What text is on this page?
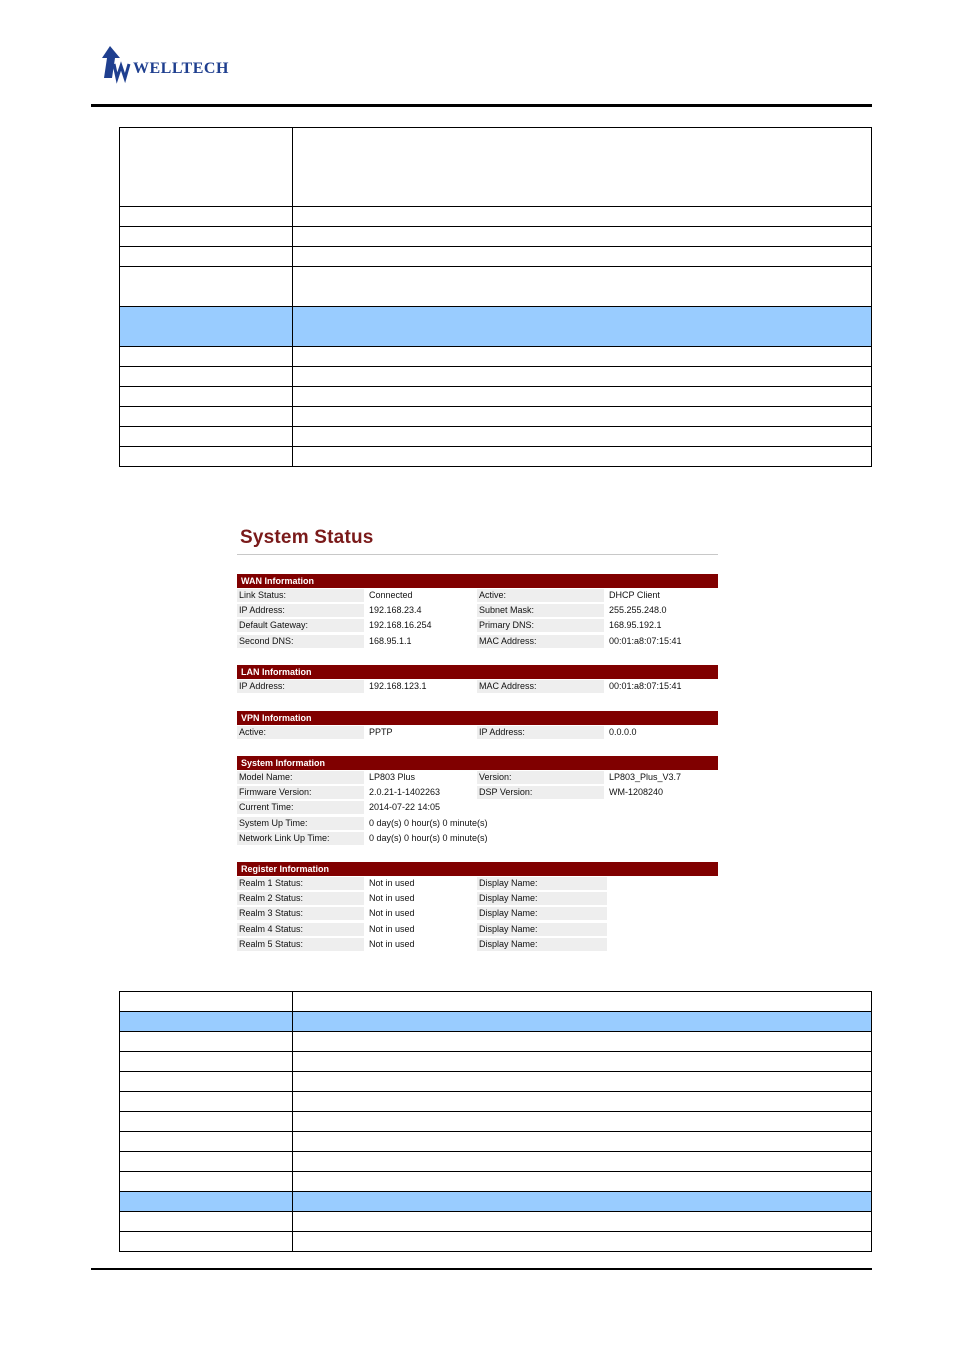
WELLTECH

System Status
WAN Information
Link Status:	Connected	Active:	DHCP Client
IP Address:	192.168.23.4	Subnet Mask:	255.255.248.0
Default Gateway:	192.168.16.254	Primary DNS:	168.95.192.1
Second DNS:	168.95.1.1	MAC Address:	00:01:a8:07:15:41
LAN Information
IP Address:	192.168.123.1	MAC Address:	00:01:a8:07:15:41
VPN Information
Active:	PPTP	IP Address:	0.0.0.0
System Information
Model Name:	LP803 Plus	Version:	LP803_Plus_V3.7
Firmware Version:	2.0.21-1-1402263	DSP Version:	WM-1208240
Current Time:	2014-07-22 14:05
System Up Time:	0 day(s) 0 hour(s) 0 minute(s)
Network Link Up Time:	0 day(s) 0 hour(s) 0 minute(s)
Register Information
Realm 1 Status:	Not in used	Display Name:
Realm 2 Status:	Not in used	Display Name:
Realm 3 Status:	Not in used	Display Name:
Realm 4 Status:	Not in used	Display Name:
Realm 5 Status:	Not in used	Display Name:
